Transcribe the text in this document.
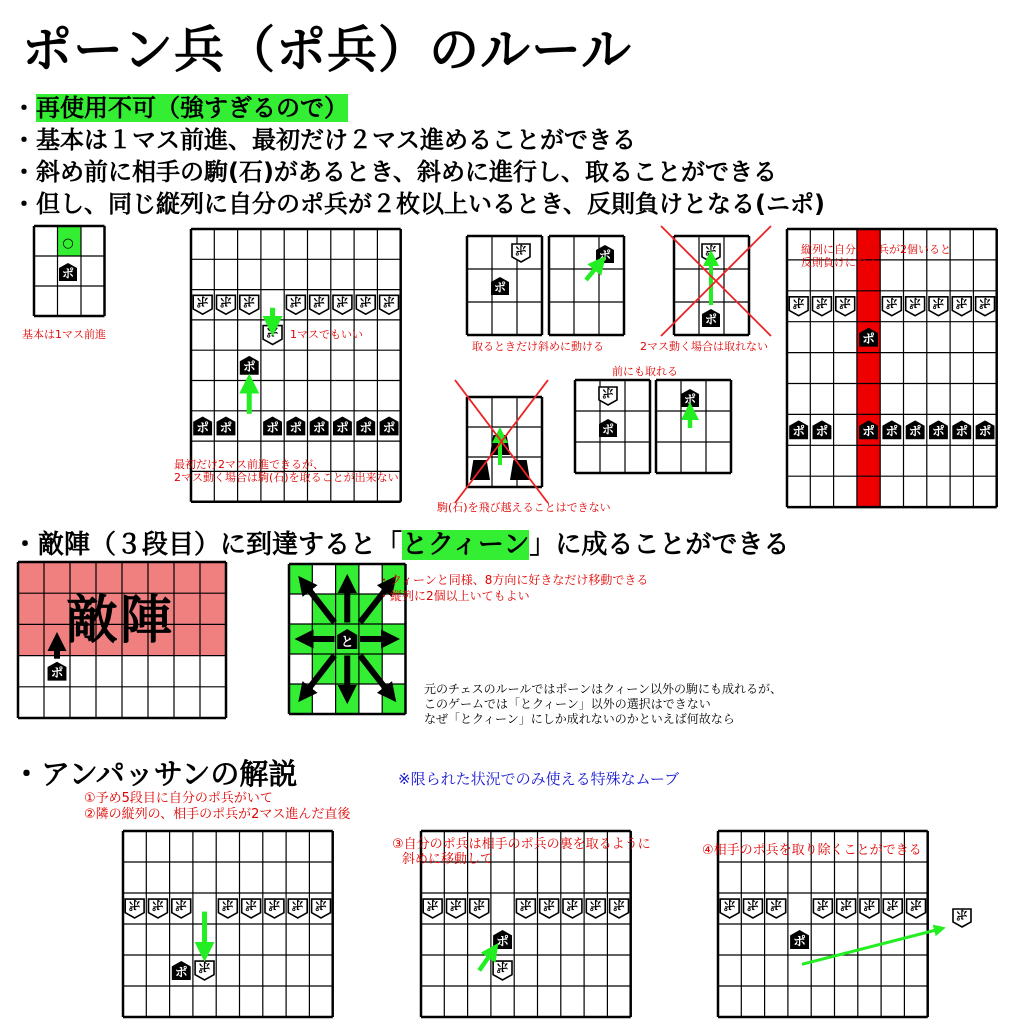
ポーン兵（ポ兵）のルール
・再使用不可（強すぎるので）
・基本は１マス前進、最初だけ２マス進めることができる
・斜め前に相手の駒(石)があるとき、斜めに進行し、取ることができる
・但し、同じ縦列に自分のポ兵が２枚以上いるとき、反則負けとなる(ニポ)
ポ
ポ ポ ポ	ポ ポ ポ ポ ポ
ポ
ポ ポ	ポ ポ ポ ポ ポ ポ
ポ
ポ
ポ
ポ	ポ
ポ
ポ
ポ
ポ
ポ ポ ポ	ポ ポ ポ ポ ポ
ポ
ポ ポ	ポ ポ ポ ポ ポ ポ
ポ
と
ポ ポ ポ	ポ ポ ポ ポ ポ
ポ ポ
ポ ポ ポ	ポ ポ ポ ポ ポ
ポ
ポ
ポ ポ ポ	ポ ポ ポ ポ ポ
ポ
ポ
○
基本は1マス前進	1マスでもいい
最初だけ2マス前進できるが、
2マス動く場合は駒(石)を取ることが出来ない
取るときだけ斜めに動ける	2マス動く場合は取れない
前にも取れる
駒(石)を飛び越えることはできない
縦列に自分のポ兵が2個いると
反則負けになる
・敵陣（３段目）に到達すると「とクィーン」に成ることができる
敵陣
・クィーンと同様、8方向に好きなだけ移動できる
・縦列に2個以上いてもよい
元のチェスのルールではポーンはクィーン以外の駒にも成れるが、
このゲームでは「とクィーン」以外の選択はできない
なぜ「とクィーン」にしか成れないのかといえば何故なら
・アンパッサンの解説	※限られた状況でのみ使える特殊なムーブ
①予め5段目に自分のポ兵がいて
②隣の縦列の、相手のポ兵が2マス進んだ直後
③自分のポ兵は相手のポ兵の裏を取るように
斜めに移動して
④相手のポ兵を取り除くことができる
